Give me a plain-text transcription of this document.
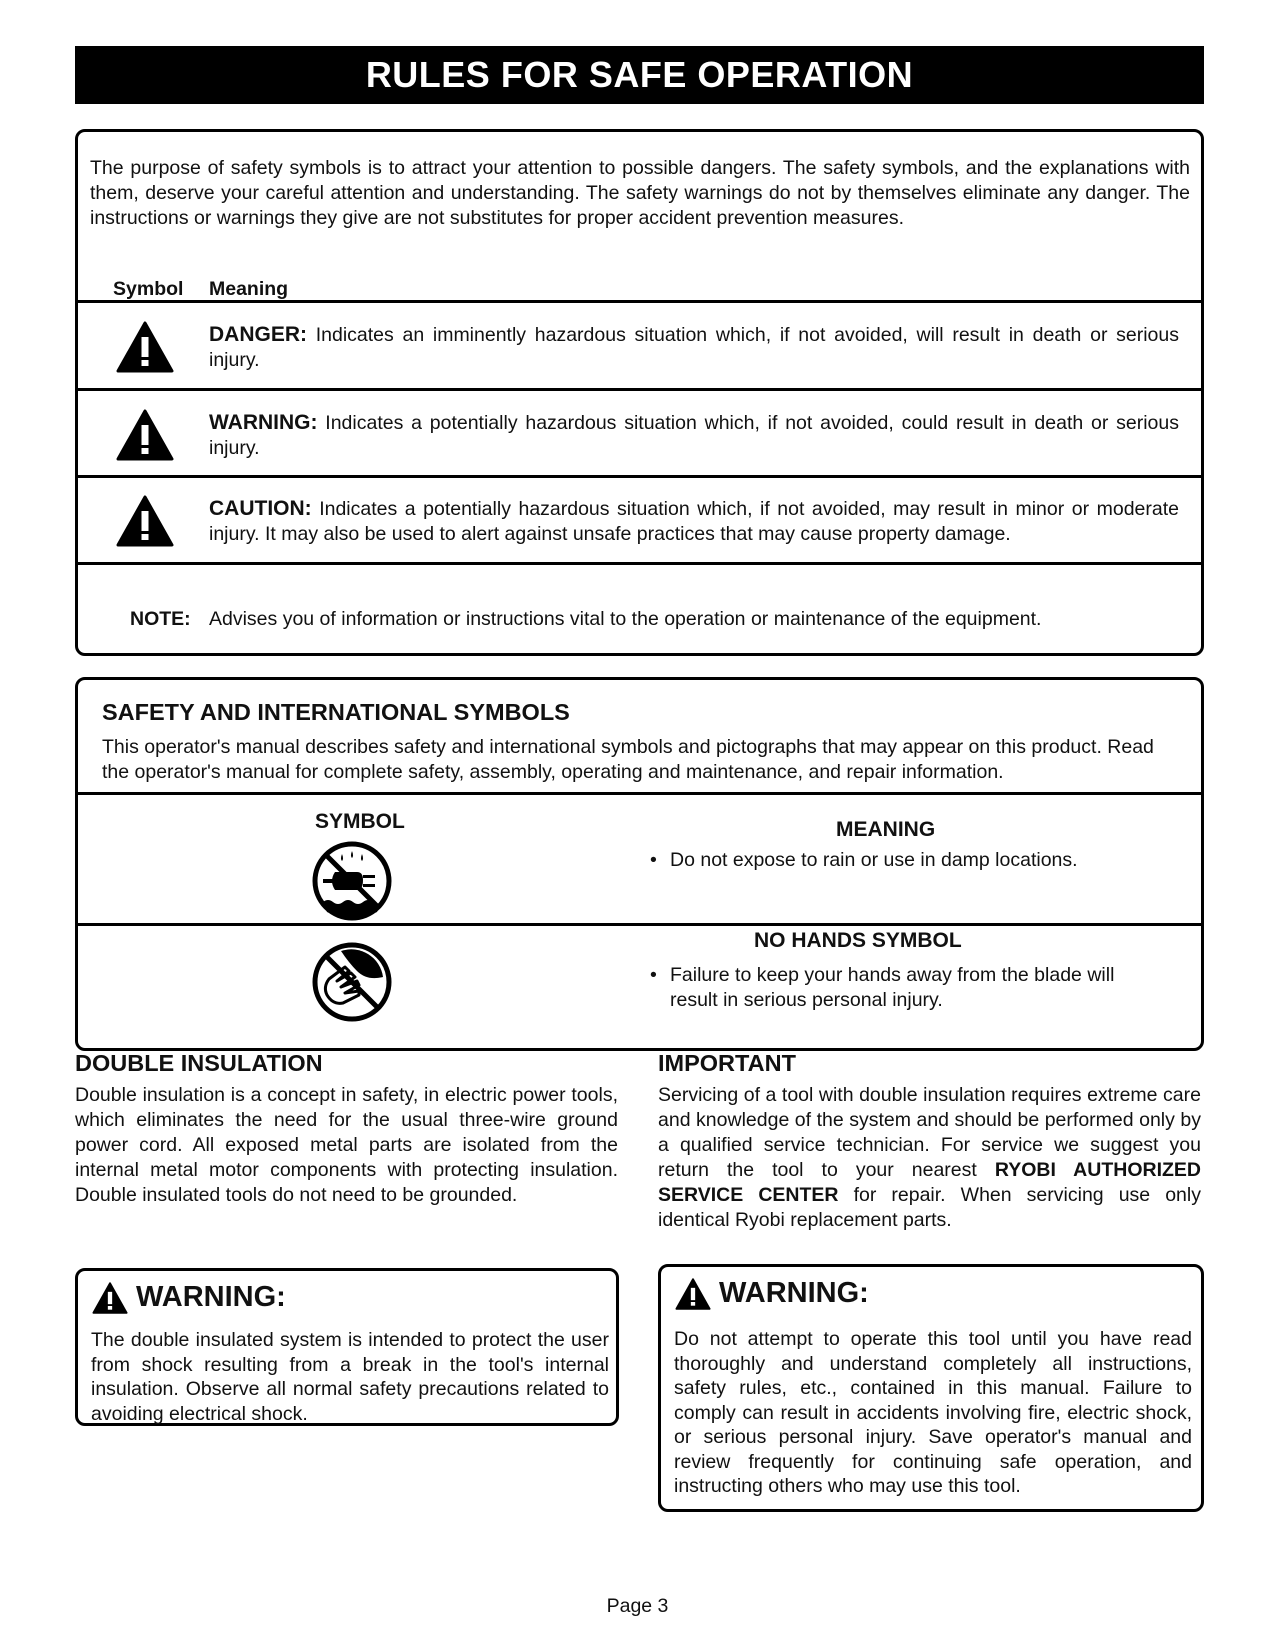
RULES FOR SAFE OPERATION
The purpose of safety symbols is to attract your attention to possible dangers. The safety symbols, and the explanations with them, deserve your careful attention and understanding. The safety warnings do not by themselves eliminate any danger. The instructions or warnings they give are not substitutes for proper accident prevention measures.
Symbol Meaning
DANGER: Indicates an imminently hazardous situation which, if not avoided, will result in death or serious injury.
WARNING: Indicates a potentially hazardous situation which, if not avoided, could result in death or serious injury.
CAUTION: Indicates a potentially hazardous situation which, if not avoided, may result in minor or moderate injury. It may also be used to alert against unsafe practices that may cause property damage.
NOTE: Advises you of information or instructions vital to the operation or maintenance of the equipment.
SAFETY AND INTERNATIONAL SYMBOLS
This operator's manual describes safety and international symbols and pictographs that may appear on this product. Read the operator's manual for complete safety, assembly, operating and maintenance, and repair information.
SYMBOL	MEANING
• Do not expose to rain or use in damp locations.
NO HANDS SYMBOL
• Failure to keep your hands away from the blade will result in serious personal injury.
DOUBLE INSULATION
Double insulation is a concept in safety, in electric power tools, which eliminates the need for the usual three-wire ground power cord. All exposed metal parts are isolated from the internal metal motor components with protecting insulation. Double insulated tools do not need to be grounded.
WARNING:
The double insulated system is intended to protect the user from shock resulting from a break in the tool's internal insulation. Observe all normal safety precautions related to avoiding electrical shock.
IMPORTANT
Servicing of a tool with double insulation requires extreme care and knowledge of the system and should be performed only by a qualified service technician. For service we suggest you return the tool to your nearest RYOBI AUTHORIZED SERVICE CENTER for repair. When servicing use only identical Ryobi replacement parts.
WARNING:
Do not attempt to operate this tool until you have read thoroughly and understand completely all instructions, safety rules, etc., contained in this manual. Failure to comply can result in accidents involving fire, electric shock, or serious personal injury. Save operator's manual and review frequently for continuing safe operation, and instructing others who may use this tool.
Page 3
